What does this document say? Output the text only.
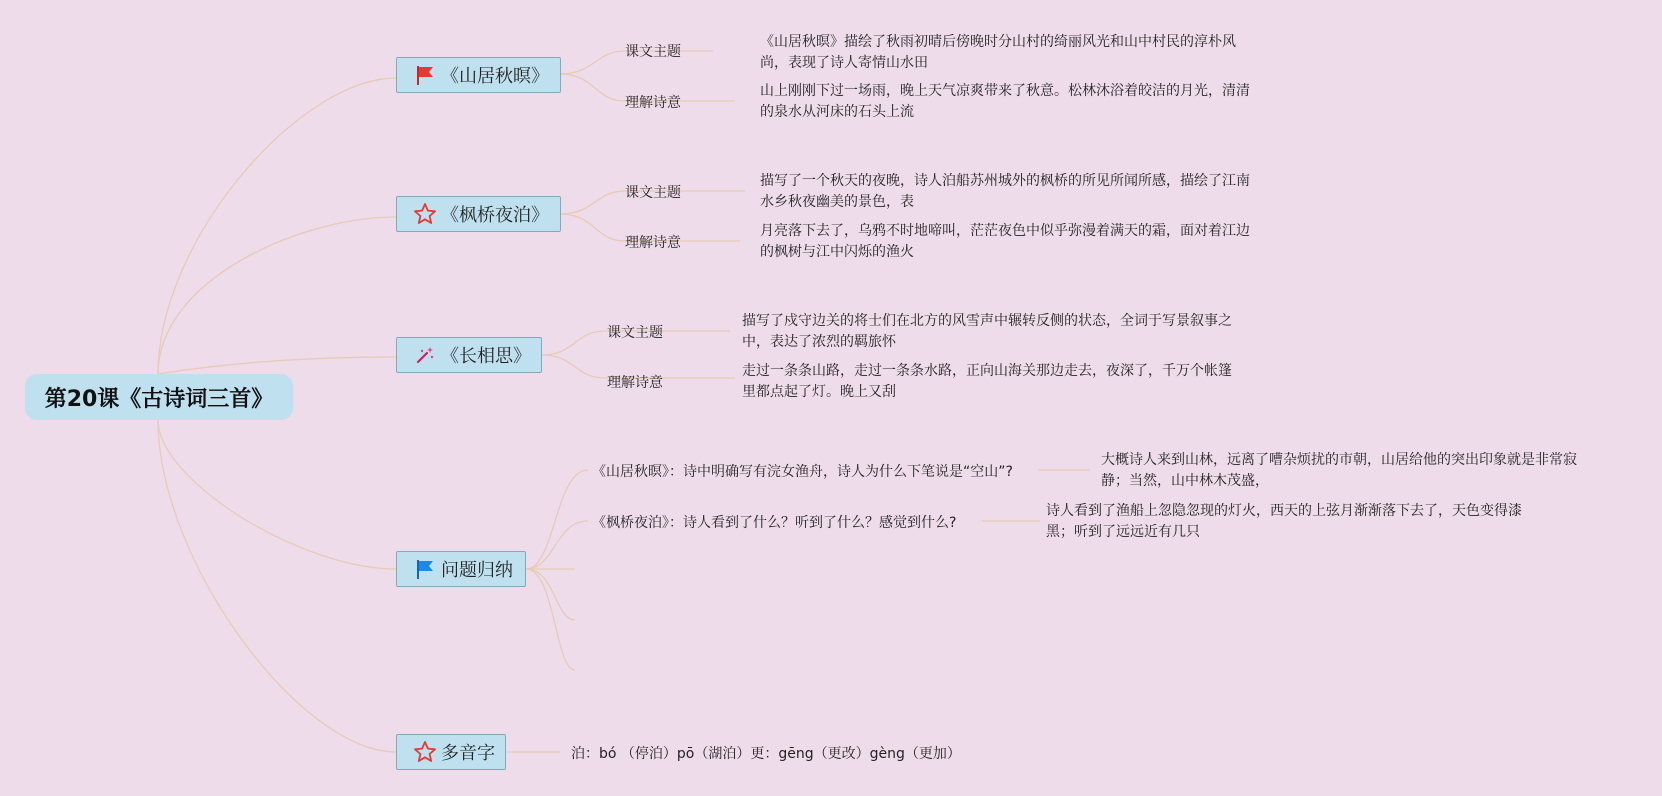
第20课《古诗词三首》
《山居秋暝》
课文主题
《山居秋暝》描绘了秋雨初晴后傍晚时分山村的绮丽风光和山中村民的淳朴风尚，表现了诗人寄情山水田
理解诗意
山上刚刚下过一场雨，晚上天气凉爽带来了秋意。松林沐浴着皎洁的月光，清清的泉水从河床的石头上流
《枫桥夜泊》
课文主题
描写了一个秋天的夜晚，诗人泊船苏州城外的枫桥的所见所闻所感，描绘了江南水乡秋夜幽美的景色，表
理解诗意
月亮落下去了，乌鸦不时地啼叫，茫茫夜色中似乎弥漫着满天的霜，面对着江边的枫树与江中闪烁的渔火
《长相思》
课文主题
描写了戍守边关的将士们在北方的风雪声中辗转反侧的状态，全词于写景叙事之中，表达了浓烈的羁旅怀
理解诗意
走过一条条山路，走过一条条水路，正向山海关那边走去，夜深了，千万个帐篷里都点起了灯。晚上又刮
问题归纳
《山居秋暝》：诗中明确写有浣女渔舟，诗人为什么下笔说是“空山”?
大概诗人来到山林，远离了嘈杂烦扰的市朝，山居给他的突出印象就是非常寂静；当然，山中林木茂盛，
《枫桥夜泊》：诗人看到了什么？听到了什么？感觉到什么?
诗人看到了渔船上忽隐忽现的灯火，西天的上弦月渐渐落下去了，天色变得漆黑；听到了远远近有几只
多音字	泊：bó （停泊）pō（湖泊）更：gēng（更改）gèng（更加）
